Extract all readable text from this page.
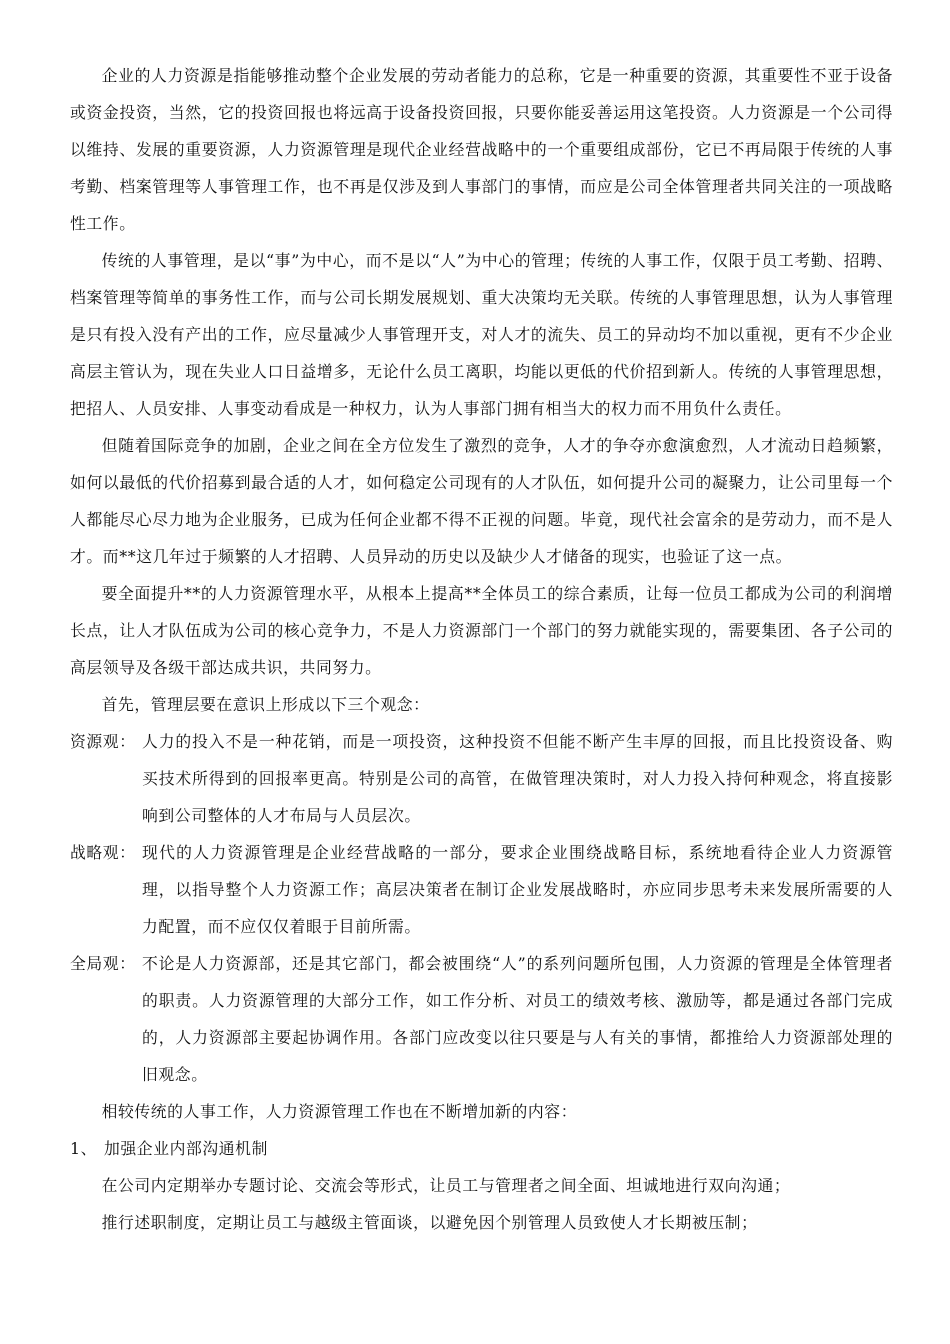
企业的人力资源是指能够推动整个企业发展的劳动者能力的总称，它是一种重要的资源，其重要性不亚于设备或资金投资，当然，它的投资回报也将远高于设备投资回报，只要你能妥善运用这笔投资。人力资源是一个公司得以维持、发展的重要资源，人力资源管理是现代企业经营战略中的一个重要组成部份，它已不再局限于传统的人事考勤、档案管理等人事管理工作，也不再是仅涉及到人事部门的事情，而应是公司全体管理者共同关注的一项战略性工作。

传统的人事管理，是以“事”为中心，而不是以“人”为中心的管理；传统的人事工作，仅限于员工考勤、招聘、档案管理等简单的事务性工作，而与公司长期发展规划、重大决策均无关联。传统的人事管理思想，认为人事管理是只有投入没有产出的工作，应尽量减少人事管理开支，对人才的流失、员工的异动均不加以重视，更有不少企业高层主管认为，现在失业人口日益增多，无论什么员工离职，均能以更低的代价招到新人。传统的人事管理思想，把招人、人员安排、人事变动看成是一种权力，认为人事部门拥有相当大的权力而不用负什么责任。

但随着国际竞争的加剧，企业之间在全方位发生了激烈的竞争，人才的争夺亦愈演愈烈，人才流动日趋频繁，如何以最低的代价招募到最合适的人才，如何稳定公司现有的人才队伍，如何提升公司的凝聚力，让公司里每一个人都能尽心尽力地为企业服务，已成为任何企业都不得不正视的问题。毕竟，现代社会富余的是劳动力，而不是人才。而**这几年过于频繁的人才招聘、人员异动的历史以及缺少人才储备的现实，也验证了这一点。

要全面提升**的人力资源管理水平，从根本上提高**全体员工的综合素质，让每一位员工都成为公司的利润增长点，让人才队伍成为公司的核心竞争力，不是人力资源部门一个部门的努力就能实现的，需要集团、各子公司的高层领导及各级干部达成共识，共同努力。

首先，管理层要在意识上形成以下三个观念：

资源观： 人力的投入不是一种花销，而是一项投资，这种投资不但能不断产生丰厚的回报，而且比投资设备、购买技术所得到的回报率更高。特别是公司的高管，在做管理决策时，对人力投入持何种观念，将直接影响到公司整体的人才布局与人员层次。
战略观： 现代的人力资源管理是企业经营战略的一部分，要求企业围绕战略目标，系统地看待企业人力资源管理，以指导整个人力资源工作；高层决策者在制订企业发展战略时，亦应同步思考未来发展所需要的人力配置，而不应仅仅着眼于目前所需。
全局观： 不论是人力资源部，还是其它部门，都会被围绕“人”的系列问题所包围，人力资源的管理是全体管理者的职责。人力资源管理的大部分工作，如工作分析、对员工的绩效考核、激励等，都是通过各部门完成的，人力资源部主要起协调作用。各部门应改变以往只要是与人有关的事情，都推给人力资源部处理的旧观念。

相较传统的人事工作，人力资源管理工作也在不断增加新的内容：

1、 加强企业内部沟通机制

在公司内定期举办专题讨论、交流会等形式，让员工与管理者之间全面、坦诚地进行双向沟通；

推行述职制度，定期让员工与越级主管面谈，以避免因个别管理人员致使人才长期被压制；
